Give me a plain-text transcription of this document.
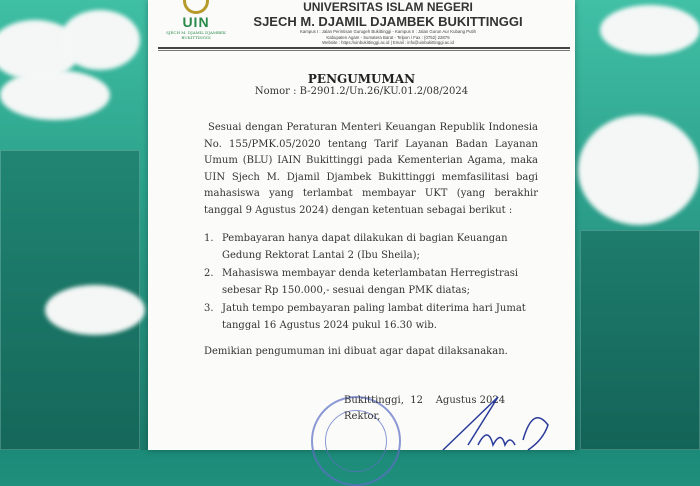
UIN
SJECH M. DJAMIL DJAMBEK BUKITTINGGI
UNIVERSITAS ISLAM NEGERI
SJECH M. DJAMIL DJAMBEK BUKITTINGGI
Kampus I : Jalan Perintisan Gurugeh Bukittinggi - Kampus II : Jalan Gurun Aur Kubang Putih
Kabupaten Agam - Sumatera Barat - Telpon / Fax : (0752) 22875
Website : https://uinbukittinggi.ac.id | Email : info@uinbukittinggi.ac.id
PENGUMUMAN
Nomor : B-2901.2/Un.26/KU.01.2/08/2024
Sesuai dengan Peraturan Menteri Keuangan Republik Indonesia No. 155/PMK.05/2020 tentang Tarif Layanan Badan Layanan Umum (BLU) IAIN Bukittinggi pada Kementerian Agama, maka UIN Sjech M. Djamil Djambek Bukittinggi memfasilitasi bagi mahasiswa yang terlambat membayar UKT (yang berakhir tanggal 9 Agustus 2024) dengan ketentuan sebagai berikut :
1. Pembayaran hanya dapat dilakukan di bagian Keuangan Gedung Rektorat Lantai 2 (Ibu Sheila);
2. Mahasiswa membayar denda keterlambatan Herregistrasi sebesar Rp 150.000,- sesuai dengan PMK diatas;
3. Jatuh tempo pembayaran paling lambat diterima hari Jumat tanggal 16 Agustus 2024 pukul 16.30 wib.
Demikian pengumuman ini dibuat agar dapat dilaksanakan.
Bukittinggi,  12    Agustus 2024
Rektor,
